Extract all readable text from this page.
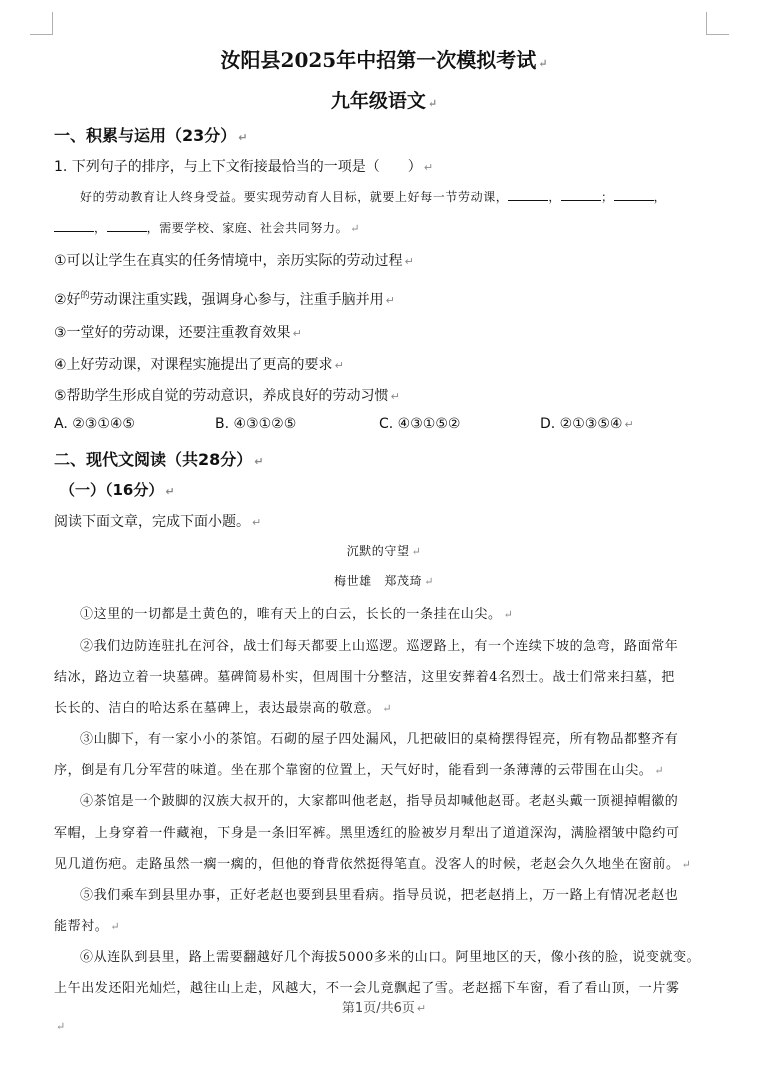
汝阳县2025年中招第一次模拟考试 ↵
九年级语文 ↵
一、积累与运用（23分） ↵
1. 下列句子的排序，与上下文衔接最恰当的一项是（　　） ↵
好的劳动教育让人终身受益。要实现劳动育人目标，就要上好每一节劳动课，	，	；	，
，	，需要学校、家庭、社会共同努力。 ↵
①可以让学生在真实的任务情境中，亲历实际的劳动过程 ↵
②好$^的$劳动课注重实践，强调身心参与，注重手脑并用 ↵
③一堂好的劳动课，还要注重教育效果 ↵
④上好劳动课，对课程实施提出了更高的要求 ↵
⑤帮助学生形成自觉的劳动意识，养成良好的劳动习惯 ↵
A. ②③①④⑤	B. ④③①②⑤	C. ④③①⑤②	D. ②①③⑤④ ↵
二、现代文阅读（共28分） ↵
（一）（16分） ↵
阅读下面文章，完成下面小题。 ↵
沉默的守望 ↵
梅世雄　郑茂琦 ↵
①这里的一切都是土黄色的，唯有天上的白云，长长的一条挂在山尖。 ↵
②我们边防连驻扎在河谷，战士们每天都要上山巡逻。巡逻路上，有一个连续下坡的急弯，路面常年
结冰，路边立着一块墓碑。墓碑简易朴实，但周围十分整洁，这里安葬着4名烈士。战士们常来扫墓，把
长长的、洁白的哈达系在墓碑上，表达最崇高的敬意。 ↵
③山脚下，有一家小小的茶馆。石砌的屋子四处漏风，几把破旧的桌椅摆得锃亮，所有物品都整齐有
序，倒是有几分军营的味道。坐在那个靠窗的位置上，天气好时，能看到一条薄薄的云带围在山尖。 ↵
④茶馆是一个跛脚的汉族大叔开的，大家都叫他老赵，指导员却喊他赵哥。老赵头戴一顶褪掉帽徽的
军帽，上身穿着一件藏袍，下身是一条旧军裤。黑里透红的脸被岁月犁出了道道深沟，满脸褶皱中隐约可
见几道伤疤。走路虽然一瘸一瘸的，但他的脊背依然挺得笔直。没客人的时候，老赵会久久地坐在窗前。 ↵
⑤我们乘车到县里办事，正好老赵也要到县里看病。指导员说，把老赵捎上，万一路上有情况老赵也
能帮衬。 ↵
⑥从连队到县里，路上需要翻越好几个海拔5000多米的山口。阿里地区的天，像小孩的脸，说变就变。
上午出发还阳光灿烂，越往山上走，风越大，不一会儿竟飘起了雪。老赵摇下车窗，看了看山顶，一片雾
第1页/共6页 ↵
↵
